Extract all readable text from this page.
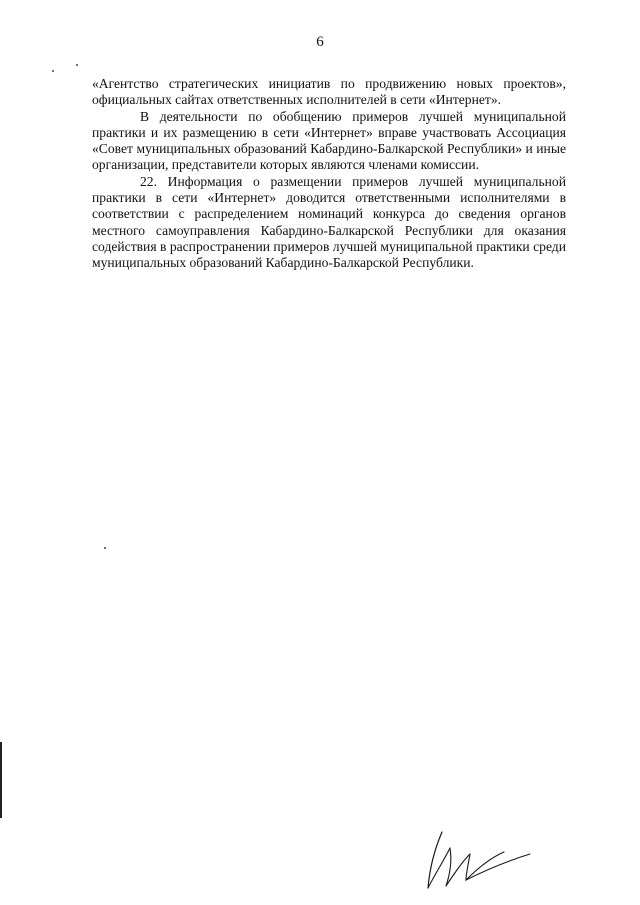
6

«Агентство стратегических инициатив по продвижению новых проектов», официальных сайтах ответственных исполнителей в сети «Интернет».

В деятельности по обобщению примеров лучшей муниципальной практики и их размещению в сети «Интернет» вправе участвовать Ассоциация «Совет муниципальных образований Кабардино-Балкарской Республики» и иные организации, представители которых являются членами комиссии.

22. Информация о размещении примеров лучшей муниципальной практики в сети «Интернет» доводится ответственными исполнителями в соответствии с распределением номинаций конкурса до сведения органов местного самоуправления Кабардино-Балкарской Республики для оказания содействия в распространении примеров лучшей муниципальной практики среди муниципальных образований Кабардино-Балкарской Республики.
